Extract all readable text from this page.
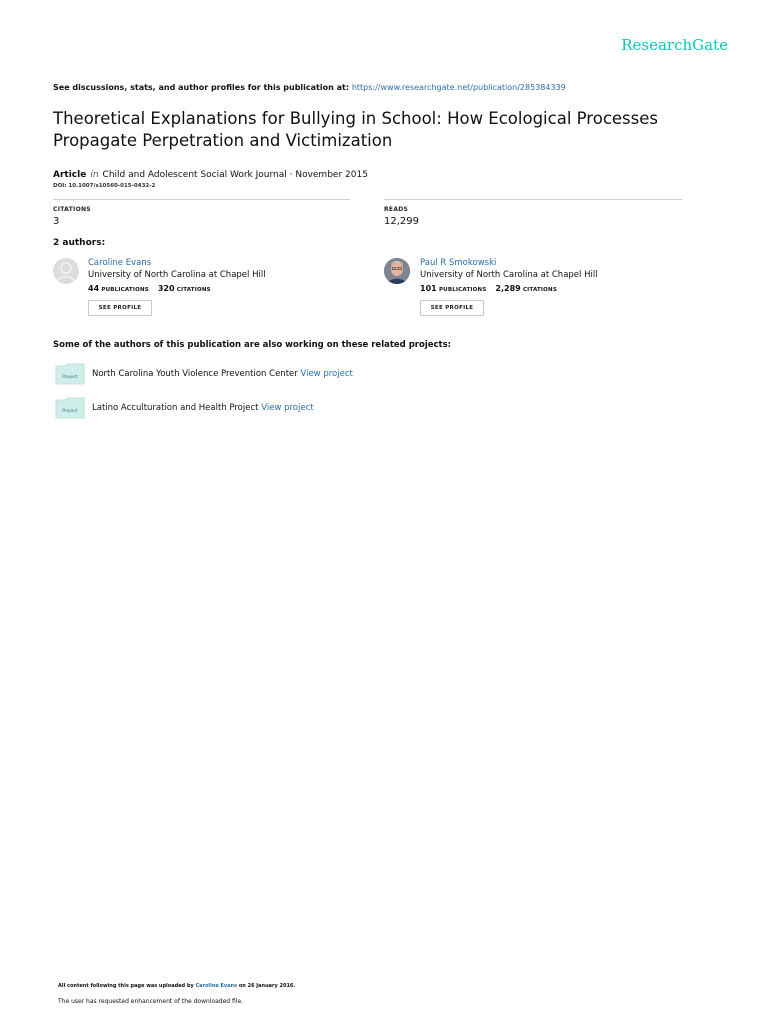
ResearchGate
See discussions, stats, and author profiles for this publication at: https://www.researchgate.net/publication/285384339
Theoretical Explanations for Bullying in School: How Ecological Processes Propagate Perpetration and Victimization
Article in Child and Adolescent Social Work Journal · November 2015
DOI: 10.1007/s10560-015-0432-2
CITATIONS
3
READS
12,299
2 authors:
Caroline Evans
University of North Carolina at Chapel Hill
44 PUBLICATIONS 320 CITATIONS
SEE PROFILE
Paul R Smokowski
University of North Carolina at Chapel Hill
101 PUBLICATIONS 2,289 CITATIONS
SEE PROFILE
Some of the authors of this publication are also working on these related projects:
Project North Carolina Youth Violence Prevention Center View project
Project Latino Acculturation and Health Project View project
All content following this page was uploaded by Caroline Evans on 26 January 2016.
The user has requested enhancement of the downloaded file.
